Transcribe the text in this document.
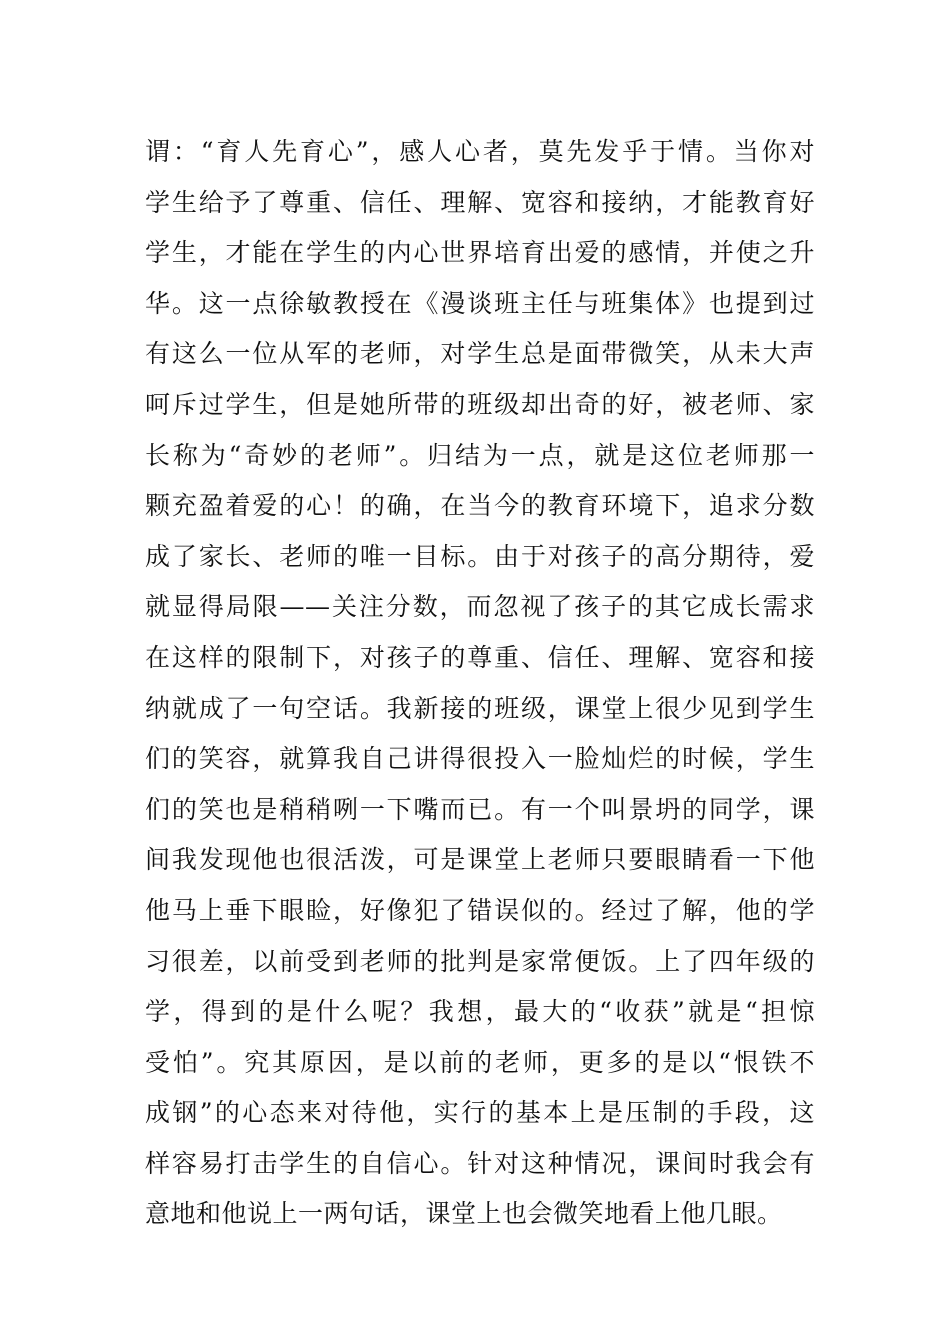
谓：“育人先育心”，感人心者，莫先发乎于情。当你对
学生给予了尊重、信任、理解、宽容和接纳，才能教育好
学生，才能在学生的内心世界培育出爱的感情，并使之升
华。这一点徐敏教授在《漫谈班主任与班集体》也提到过
有这么一位从军的老师，对学生总是面带微笑，从未大声
呵斥过学生，但是她所带的班级却出奇的好，被老师、家
长称为“奇妙的老师”。归结为一点，就是这位老师那一
颗充盈着爱的心！的确，在当今的教育环境下，追求分数
成了家长、老师的唯一目标。由于对孩子的高分期待，爱
就显得局限——关注分数，而忽视了孩子的其它成长需求
在这样的限制下，对孩子的尊重、信任、理解、宽容和接
纳就成了一句空话。我新接的班级，课堂上很少见到学生
们的笑容，就算我自己讲得很投入一脸灿烂的时候，学生
们的笑也是稍稍咧一下嘴而已。有一个叫景坍的同学，课
间我发现他也很活泼，可是课堂上老师只要眼睛看一下他
他马上垂下眼睑，好像犯了错误似的。经过了解，他的学
习很差，以前受到老师的批判是家常便饭。上了四年级的
学，得到的是什么呢？我想，最大的“收获”就是“担惊
受怕”。究其原因，是以前的老师，更多的是以“恨铁不
成钢”的心态来对待他，实行的基本上是压制的手段，这
样容易打击学生的自信心。针对这种情况，课间时我会有
意地和他说上一两句话，课堂上也会微笑地看上他几眼。
